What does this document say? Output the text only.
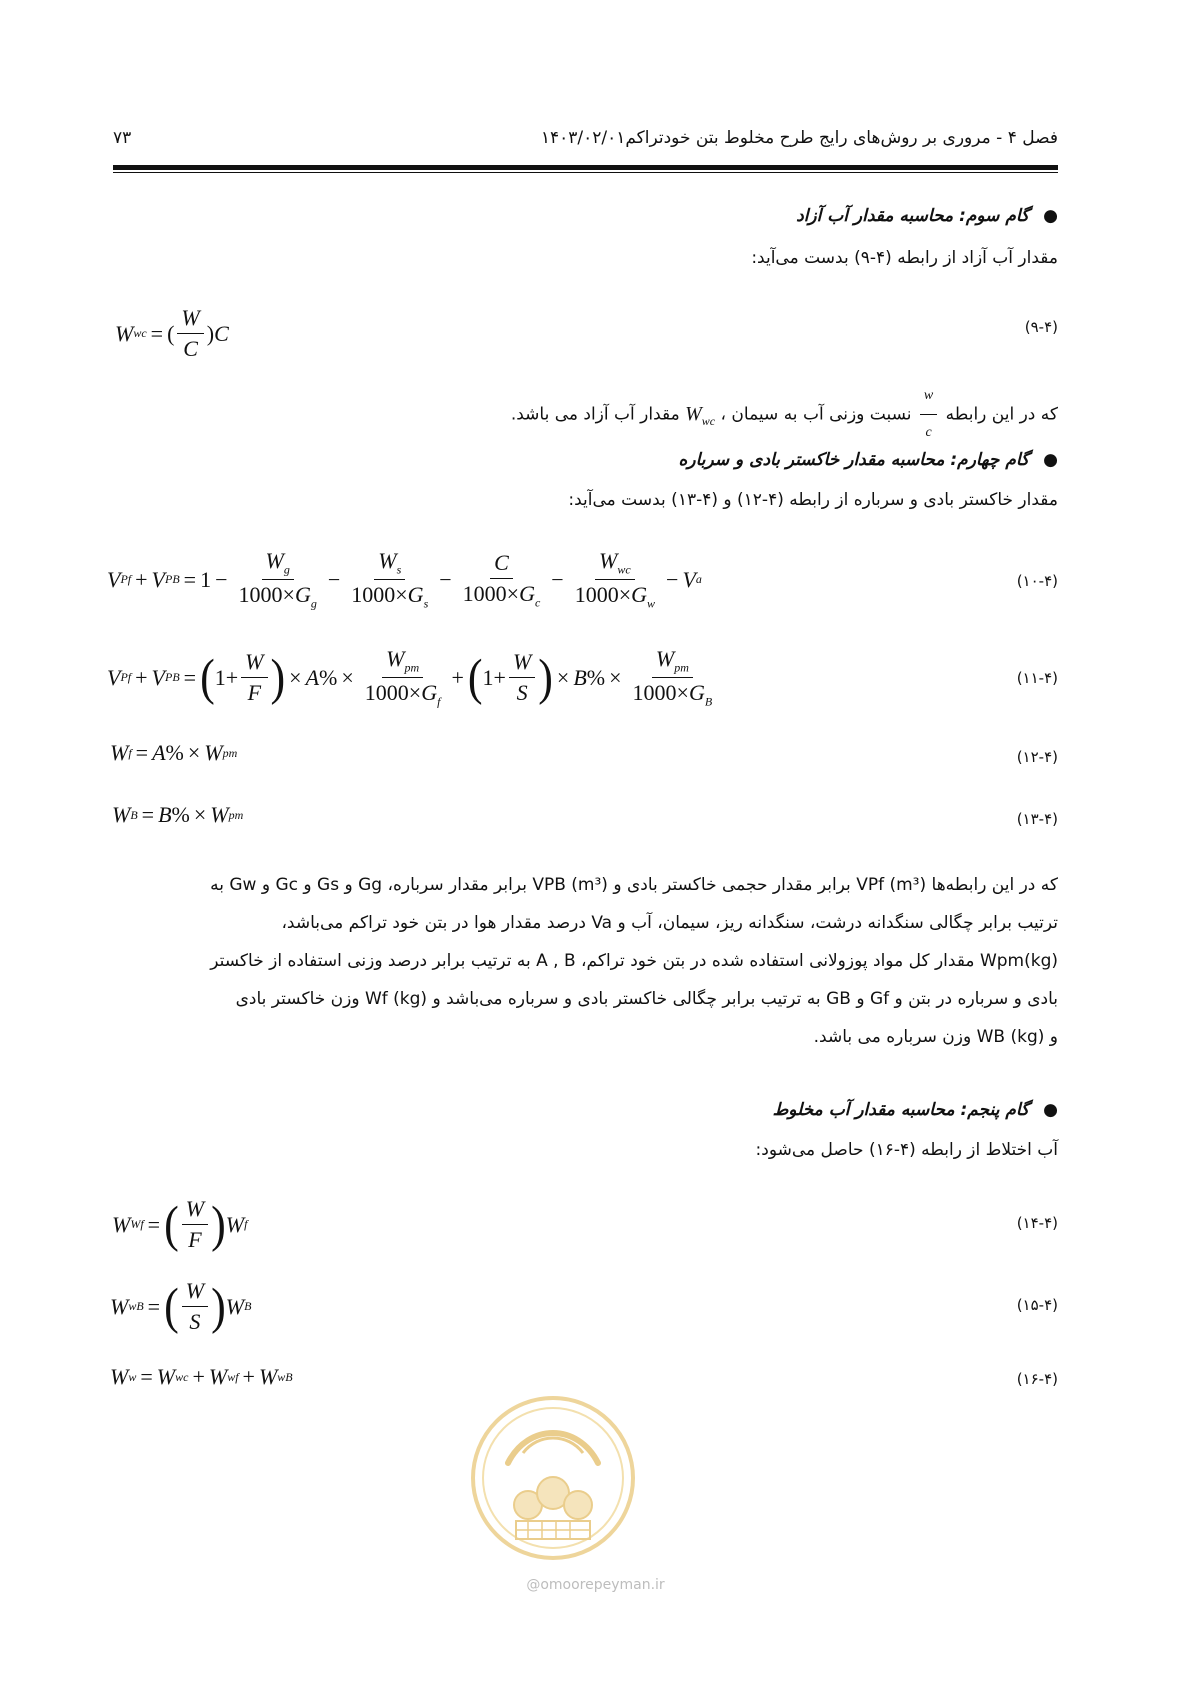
فصل ۴ - مروری بر روش‌های رایج طرح مخلوط بتن خودتراکم۱۴۰۳/۰۲/۰۱
۷۳
●گام سوم: محاسبه مقدار آب آزاد
مقدار آب آزاد از رابطه (۴-۹) بدست می‌آید:
W wc = ( $\frac{W}{C}$ ) C	(۹-۴)
که در این رابطه
$\frac{w}{c}$
نسبت وزنی آب به سیمان ، $W_{wc}$ مقدار آب آزاد می باشد.
●گام چهارم: محاسبه مقدار خاکستر بادی و سرباره
مقدار خاکستر بادی و سرباره از رابطه (۴-۱۲) و (۴-۱۳) بدست می‌آید:
V Pf + V PB = $1 - \frac{W_g}{1000\times G_g} - \frac{W_s}{1000\times G_s} - \frac{C}{1000\times G_c} - \frac{W_{wc}}{1000\times G_w} - V$ a	(۱۰-۴)
V Pf + V PB = ( $1+ \frac{W}{F}$ ) × A % × $\frac{W_{pm}}{1000\times G_f}$ + ( $1+ \frac{W}{S}$ ) × B % × $\frac{W_{pm}}{1000\times G_B}$	(۱۱-۴)
W f = A % × W pm	(۱۲-۴)
W B = B % × W pm	(۱۳-۴)
که در این رابطه‌ها VPf (m³) برابر مقدار حجمی خاکستر بادی و VPB (m³) برابر مقدار سرباره، Gg و Gs و Gc و Gw به
ترتیب برابر چگالی سنگدانه درشت، سنگدانه ریز، سیمان، آب و Va درصد مقدار هوا در بتن خود تراکم می‌باشد،
Wpm(kg) مقدار کل مواد پوزولانی استفاده شده در بتن خود تراکم، A , B به ترتیب برابر درصد وزنی استفاده از خاکستر
بادی و سرباره در بتن و Gf و GB به ترتیب برابر چگالی خاکستر بادی و سرباره می‌باشد و Wf (kg) وزن خاکستر بادی
و WB (kg) وزن سرباره می باشد.
●گام پنجم: محاسبه مقدار آب مخلوط
آب اختلاط از رابطه (۴-۱۶) حاصل می‌شود:
W Wf = ( $\frac{W}{F}$ ) W f	(۱۴-۴)
W wB = ( $\frac{W}{S}$ ) W B	(۱۵-۴)
W w = W wc + W wf + W wB	(۱۶-۴)
@omoorepeyman.ir
